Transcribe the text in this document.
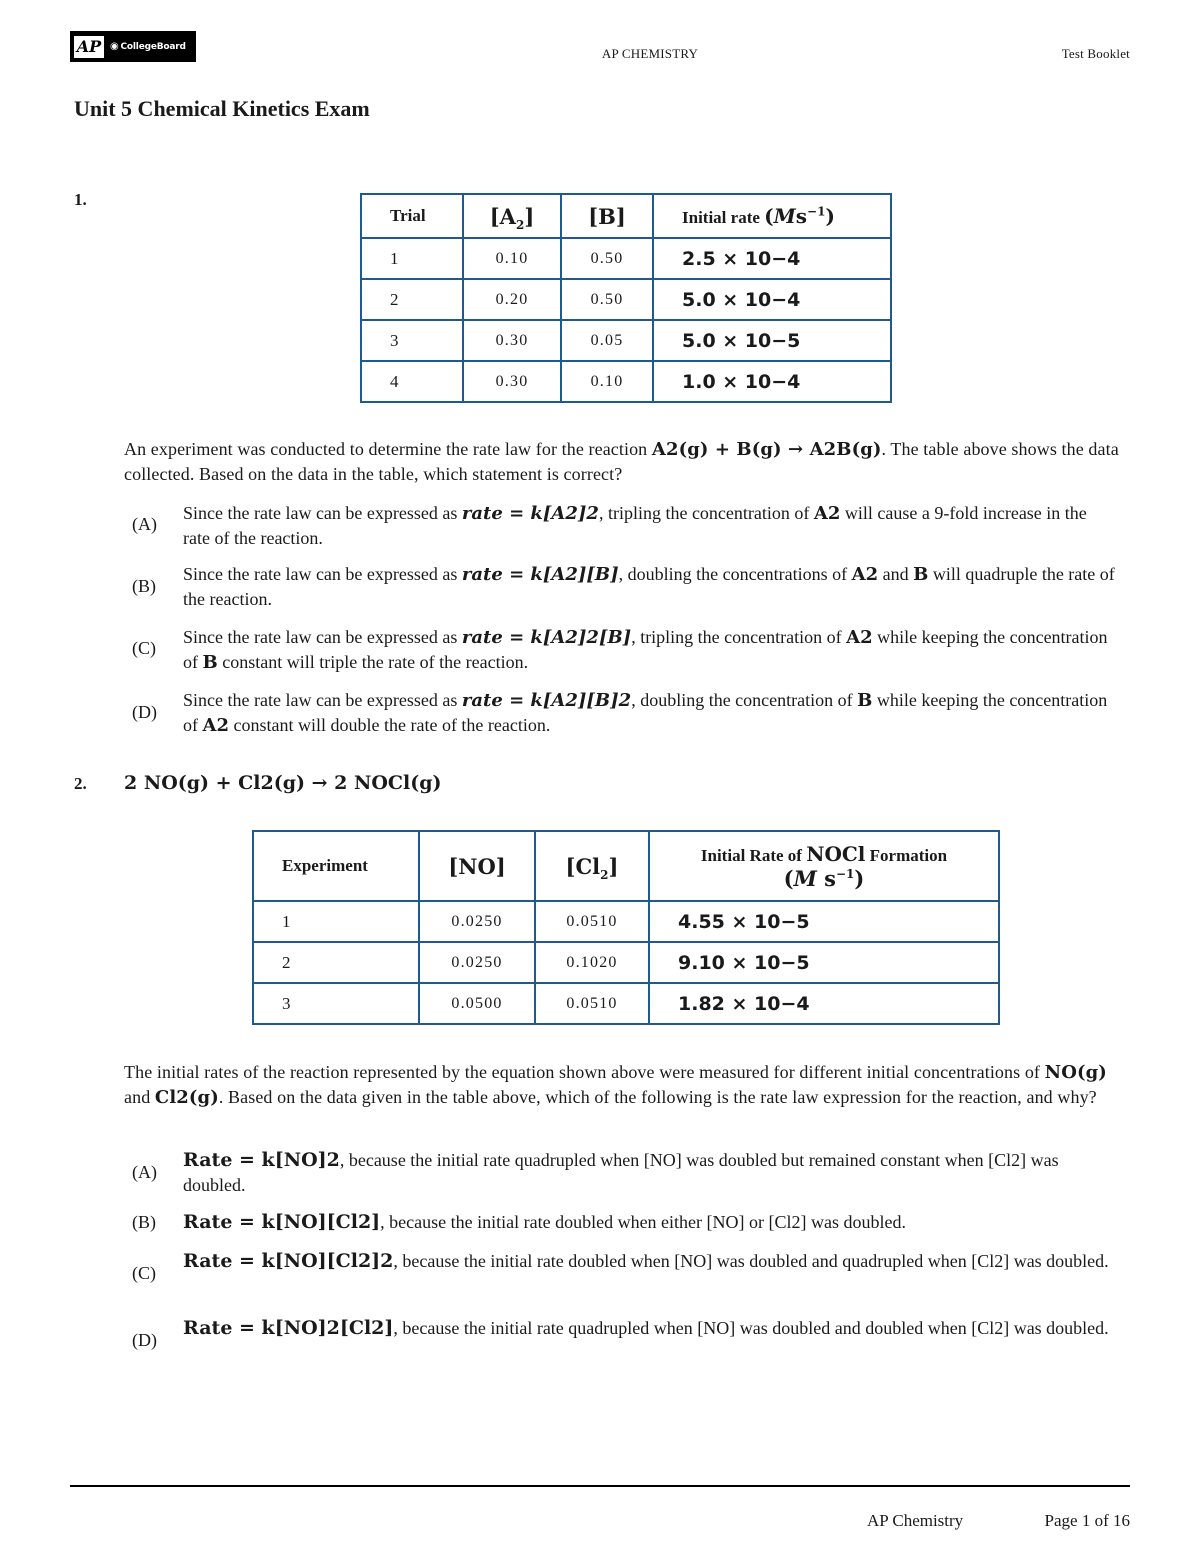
AP ◉ CollegeBoard	AP CHEMISTRY	Test Booklet
Unit 5 Chemical Kinetics Exam
1.
Trial	$[A_2]$	[B]	Initial rate $(Ms^{-1})$
1	0.10	0.50	2.5 × 10−4
2	0.20	0.50	5.0 × 10−4
3	0.30	0.05	5.0 × 10−5
4	0.30	0.10	1.0 × 10−4
An experiment was conducted to determine the rate law for the reaction A2(g) + B(g) → A2B(g). The table above shows the data collected. Based on the data in the table, which statement is correct?
(A)
Since the rate law can be expressed as rate = k[A2]2, tripling the concentration of A2 will cause a 9-fold increase in the rate of the reaction.
(B)
Since the rate law can be expressed as rate = k[A2][B], doubling the concentrations of A2 and B will quadruple the rate of the reaction.
(C)
Since the rate law can be expressed as rate = k[A2]2[B], tripling the concentration of A2 while keeping the concentration of B constant will triple the rate of the reaction.
(D)
Since the rate law can be expressed as rate = k[A2][B]2, doubling the concentration of B while keeping the concentration of A2 constant will double the rate of the reaction.
2. 2 NO(g) + Cl2(g) → 2 NOCl(g)
Experiment	[NO]	$[Cl_2]$	Initial Rate of NOCl Formation
(M $s^{-1}$)
1	0.0250	0.0510	4.55 × 10−5
2	0.0250	0.1020	9.10 × 10−5
3	0.0500	0.0510	1.82 × 10−4
The initial rates of the reaction represented by the equation shown above were measured for different initial concentrations of NO(g) and Cl2(g). Based on the data given in the table above, which of the following is the rate law expression for the reaction, and why?
(A)
Rate = k[NO]2, because the initial rate quadrupled when [NO] was doubled but remained constant when [Cl2] was doubled.
(B) Rate = k[NO][Cl2], because the initial rate doubled when either [NO] or [Cl2] was doubled.
(C)
Rate = k[NO][Cl2]2, because the initial rate doubled when [NO] was doubled and quadrupled when [Cl2] was doubled.
(D)
Rate = k[NO]2[Cl2], because the initial rate quadrupled when [NO] was doubled and doubled when [Cl2] was doubled.
AP Chemistry	Page 1 of 16
